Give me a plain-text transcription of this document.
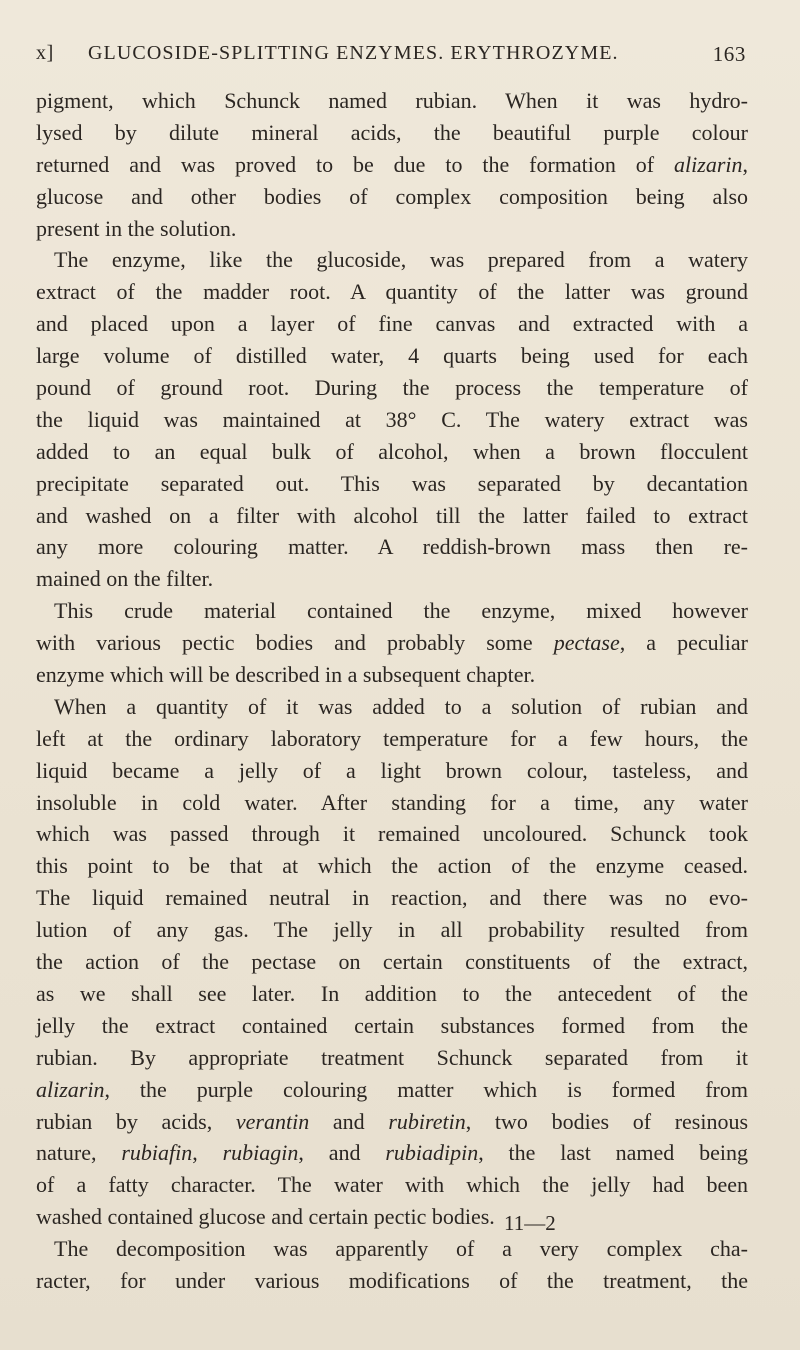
x] GLUCOSIDE-SPLITTING ENZYMES. ERYTHROZYME.	163
pigment, which Schunck named rubian. When it was hydro-
lysed by dilute mineral acids, the beautiful purple colour
returned and was proved to be due to the formation of alizarin,
glucose and other bodies of complex composition being also
present in the solution.
The enzyme, like the glucoside, was prepared from a watery
extract of the madder root. A quantity of the latter was ground
and placed upon a layer of fine canvas and extracted with a
large volume of distilled water, 4 quarts being used for each
pound of ground root. During the process the temperature of
the liquid was maintained at 38° C. The watery extract was
added to an equal bulk of alcohol, when a brown flocculent
precipitate separated out. This was separated by decantation
and washed on a filter with alcohol till the latter failed to extract
any more colouring matter. A reddish-brown mass then re-
mained on the filter.
This crude material contained the enzyme, mixed however
with various pectic bodies and probably some pectase, a peculiar
enzyme which will be described in a subsequent chapter.
When a quantity of it was added to a solution of rubian and
left at the ordinary laboratory temperature for a few hours, the
liquid became a jelly of a light brown colour, tasteless, and
insoluble in cold water. After standing for a time, any water
which was passed through it remained uncoloured. Schunck took
this point to be that at which the action of the enzyme ceased.
The liquid remained neutral in reaction, and there was no evo-
lution of any gas. The jelly in all probability resulted from
the action of the pectase on certain constituents of the extract,
as we shall see later. In addition to the antecedent of the
jelly the extract contained certain substances formed from the
rubian. By appropriate treatment Schunck separated from it
alizarin, the purple colouring matter which is formed from
rubian by acids, verantin and rubiretin, two bodies of resinous
nature, rubiafin, rubiagin, and rubiadipin, the last named being
of a fatty character. The water with which the jelly had been
washed contained glucose and certain pectic bodies.
The decomposition was apparently of a very complex cha-
racter, for under various modifications of the treatment, the
11—2
